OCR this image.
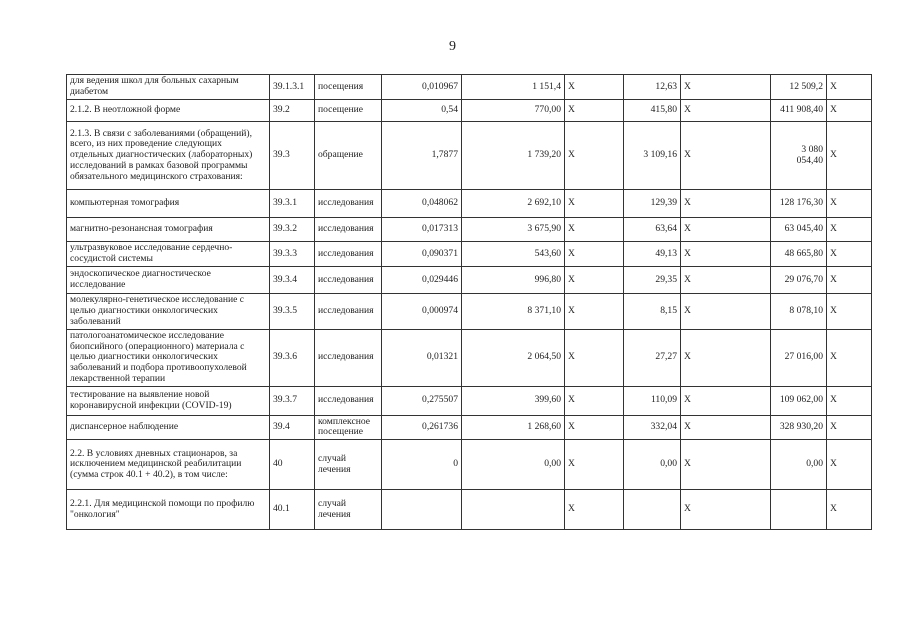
9
для ведения школ для больных сахарным диабетом	39.1.3.1	посещения	0,010967	1 151,4	Х	12,63	Х	12 509,2	Х
2.1.2. В неотложной форме	39.2	посещение	0,54	770,00	Х	415,80	Х	411 908,40	Х
2.1.3. В связи с заболеваниями (обращений), всего, из них проведение следующих отдельных диагностических (лабораторных) исследований в рамках базовой программы обязательного медицинского страхования:	39.3	обращение	1,7877	1 739,20	Х	3 109,16	Х	3 080 054,40	Х
компьютерная томография	39.3.1	исследования	0,048062	2 692,10	Х	129,39	Х	128 176,30	Х
магнитно-резонансная томография	39.3.2	исследования	0,017313	3 675,90	Х	63,64	Х	63 045,40	Х
ультразвуковое исследование сердечно-сосудистой системы	39.3.3	исследования	0,090371	543,60	Х	49,13	Х	48 665,80	Х
эндоскопическое диагностическое исследование	39.3.4	исследования	0,029446	996,80	Х	29,35	Х	29 076,70	Х
молекулярно-генетическое исследование с целью диагностики онкологических заболеваний	39.3.5	исследования	0,000974	8 371,10	Х	8,15	Х	8 078,10	Х
патологоанатомическое исследование биопсийного (операционного) материала с целью диагностики онкологических заболеваний и подбора противоопухолевой лекарственной терапии	39.3.6	исследования	0,01321	2 064,50	Х	27,27	Х	27 016,00	Х
тестирование на выявление новой коронавирусной инфекции (COVID-19)	39.3.7	исследования	0,275507	399,60	Х	110,09	Х	109 062,00	Х
диспансерное наблюдение	39.4	комплексное посещение	0,261736	1 268,60	Х	332,04	Х	328 930,20	Х
2.2. В условиях дневных стационаров, за исключением медицинской реабилитации (сумма строк 40.1 + 40.2), в том числе:	40	случай лечения	0	0,00	Х	0,00	Х	0,00	Х
2.2.1. Для медицинской помощи по профилю "онкология"	40.1	случай лечения			Х		Х		Х
